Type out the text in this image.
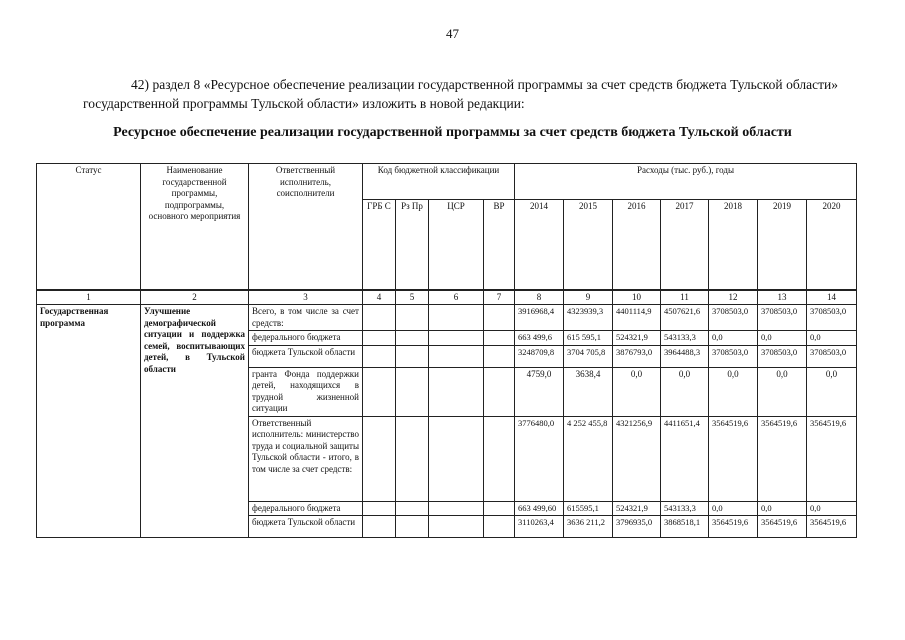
47
42) раздел 8 «Ресурсное обеспечение реализации государственной программы за счет средств бюджета Тульской области» государственной программы Тульской области» изложить в новой редакции:
Ресурсное обеспечение реализации государственной программы за счет средств бюджета Тульской области
Статус	Наименование государственной программы, подпрограммы, основного мероприятия	Ответственный исполнитель, соисполнители	Код бюджетной классификации				Расходы (тыс. руб.), годы						
			ГРБ С	Рз Пр	ЦСР	ВР	2014	2015	2016	2017	2018	2019	2020
1	2	3	4	5	6	7	8	9	10	11	12	13	14
Государственная программа	Улучшение демографической ситуации и поддержка семей, воспитывающих детей, в Тульской области	Всего, в том числе за счет средств:					3916968,4	4323939,3	4401114,9	4507621,6	3708503,0	3708503,0	3708503,0
		федерального бюджета					663 499,6	615 595,1	524321,9	543133,3	0,0	0,0	0,0
		бюджета Тульской области					3248709,8	3704 705,8	3876793,0	3964488,3	3708503,0	3708503,0	3708503,0
		гранта Фонда поддержки детей, находящихся в трудной жизненной ситуации					4759,0	3638,4	0,0	0,0	0,0	0,0	0,0
		Ответственный исполнитель: министерство труда и социальной защиты Тульской области - итого, в том числе за счет средств:					3776480,0	4 252 455,8	4321256,9	4411651,4	3564519,6	3564519,6	3564519,6
		федерального бюджета					663 499,60	615595,1	524321,9	543133,3	0,0	0,0	0,0
		бюджета Тульской области					3110263,4	3636 211,2	3796935,0	3868518,1	3564519,6	3564519,6	3564519,6
